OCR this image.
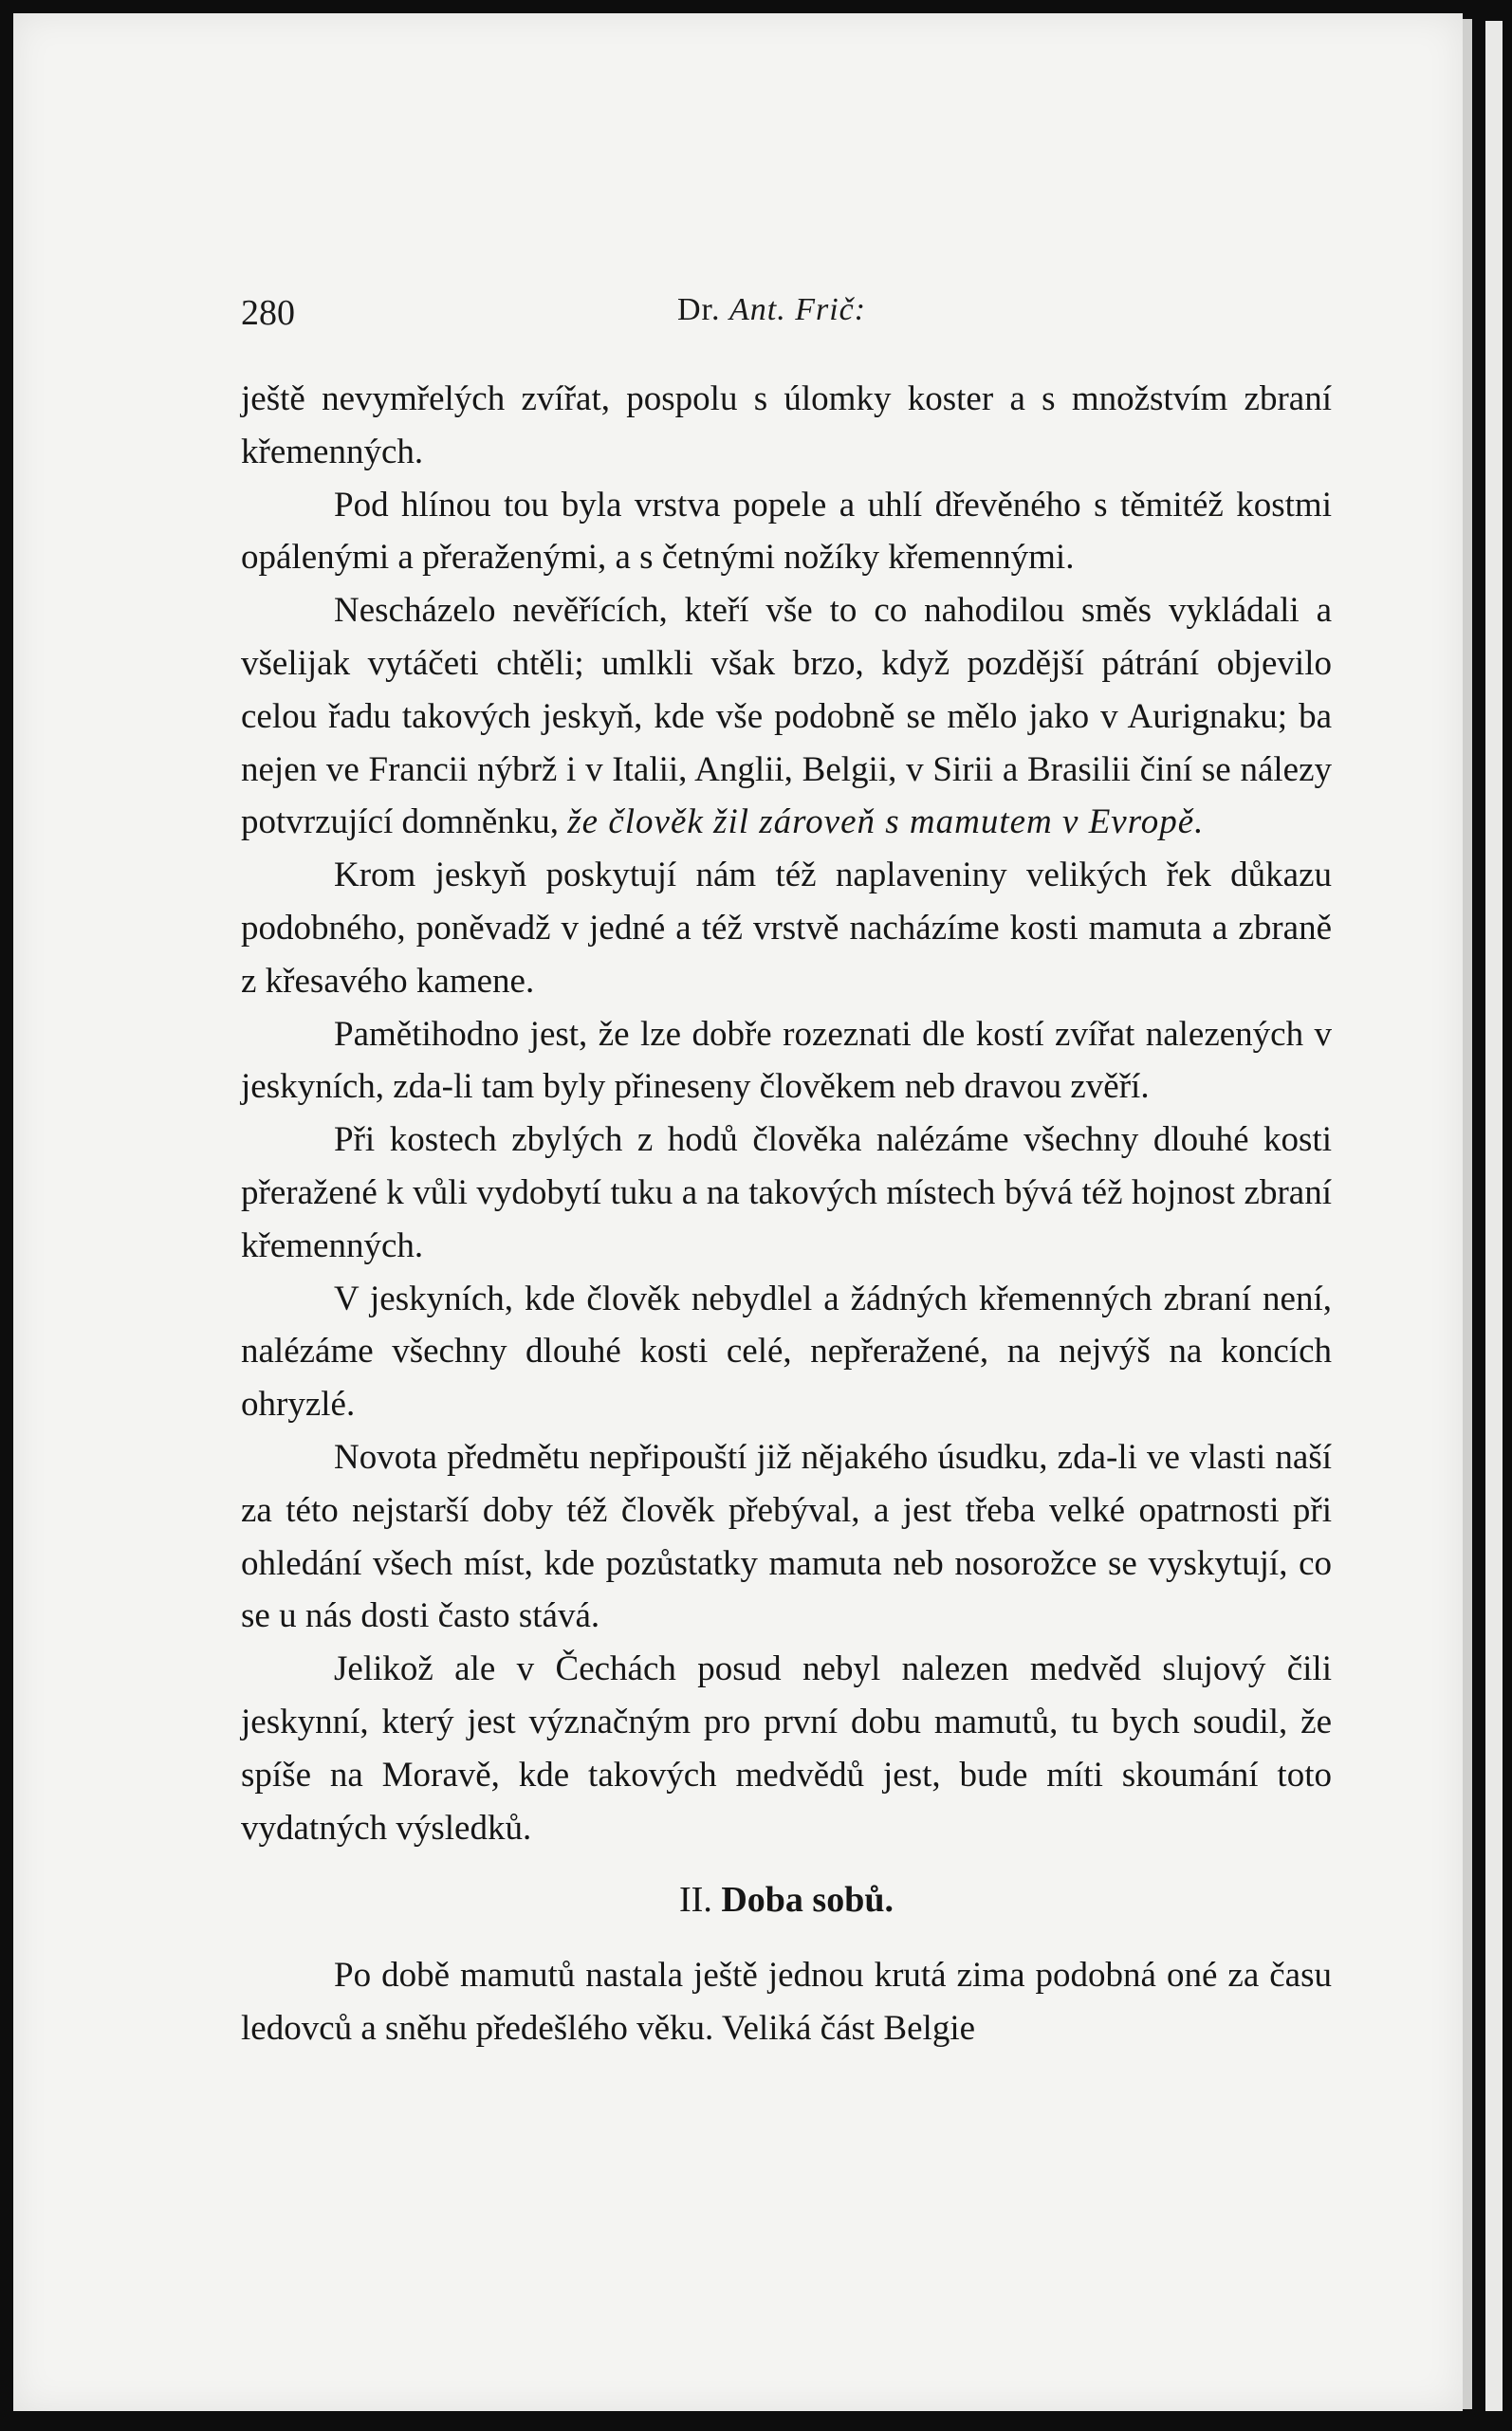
280	Dr. Ant. Frič:

ještě nevymřelých zvířat, pospolu s úlomky koster a s množstvím zbraní křemenných.

Pod hlínou tou byla vrstva popele a uhlí dřevěného s těmitéž kostmi opálenými a přeraženými, a s četnými nožíky křemennými.

Nescházelo nevěřících, kteří vše to co nahodilou směs vykládali a všelijak vytáčeti chtěli; umlkli však brzo, když pozdější pátrání objevilo celou řadu takových jeskyň, kde vše podobně se mělo jako v Aurignaku; ba nejen ve Francii nýbrž i v Italii, Anglii, Belgii, v Sirii a Brasilii činí se nálezy potvrzující domněnku, že člověk žil zároveň s mamutem v Evropě.

Krom jeskyň poskytují nám též naplaveniny velikých řek důkazu podobného, poněvadž v jedné a též vrstvě nacházíme kosti mamuta a zbraně z křesavého kamene.

Pamětihodno jest, že lze dobře rozeznati dle kostí zvířat nalezených v jeskyních, zda-li tam byly přineseny člověkem neb dravou zvěří.

Při kostech zbylých z hodů člověka nalézáme všechny dlouhé kosti přeražené k vůli vydobytí tuku a na takových místech bývá též hojnost zbraní křemenných.

V jeskyních, kde člověk nebydlel a žádných křemenných zbraní není, nalézáme všechny dlouhé kosti celé, nepřeražené, na nejvýš na koncích ohryzlé.

Novota předmětu nepřipouští již nějakého úsudku, zda-li ve vlasti naší za této nejstarší doby též člověk přebýval, a jest třeba velké opatrnosti při ohledání všech míst, kde pozůstatky mamuta neb nosorožce se vyskytují, co se u nás dosti často stává.

Jelikož ale v Čechách posud nebyl nalezen medvěd slujový čili jeskynní, který jest význačným pro první dobu mamutů, tu bych soudil, že spíše na Moravě, kde takových medvědů jest, bude míti skoumání toto vydatných výsledků.

II. Doba sobů.

Po době mamutů nastala ještě jednou krutá zima podobná oné za času ledovců a sněhu předešlého věku. Veliká část Belgie
